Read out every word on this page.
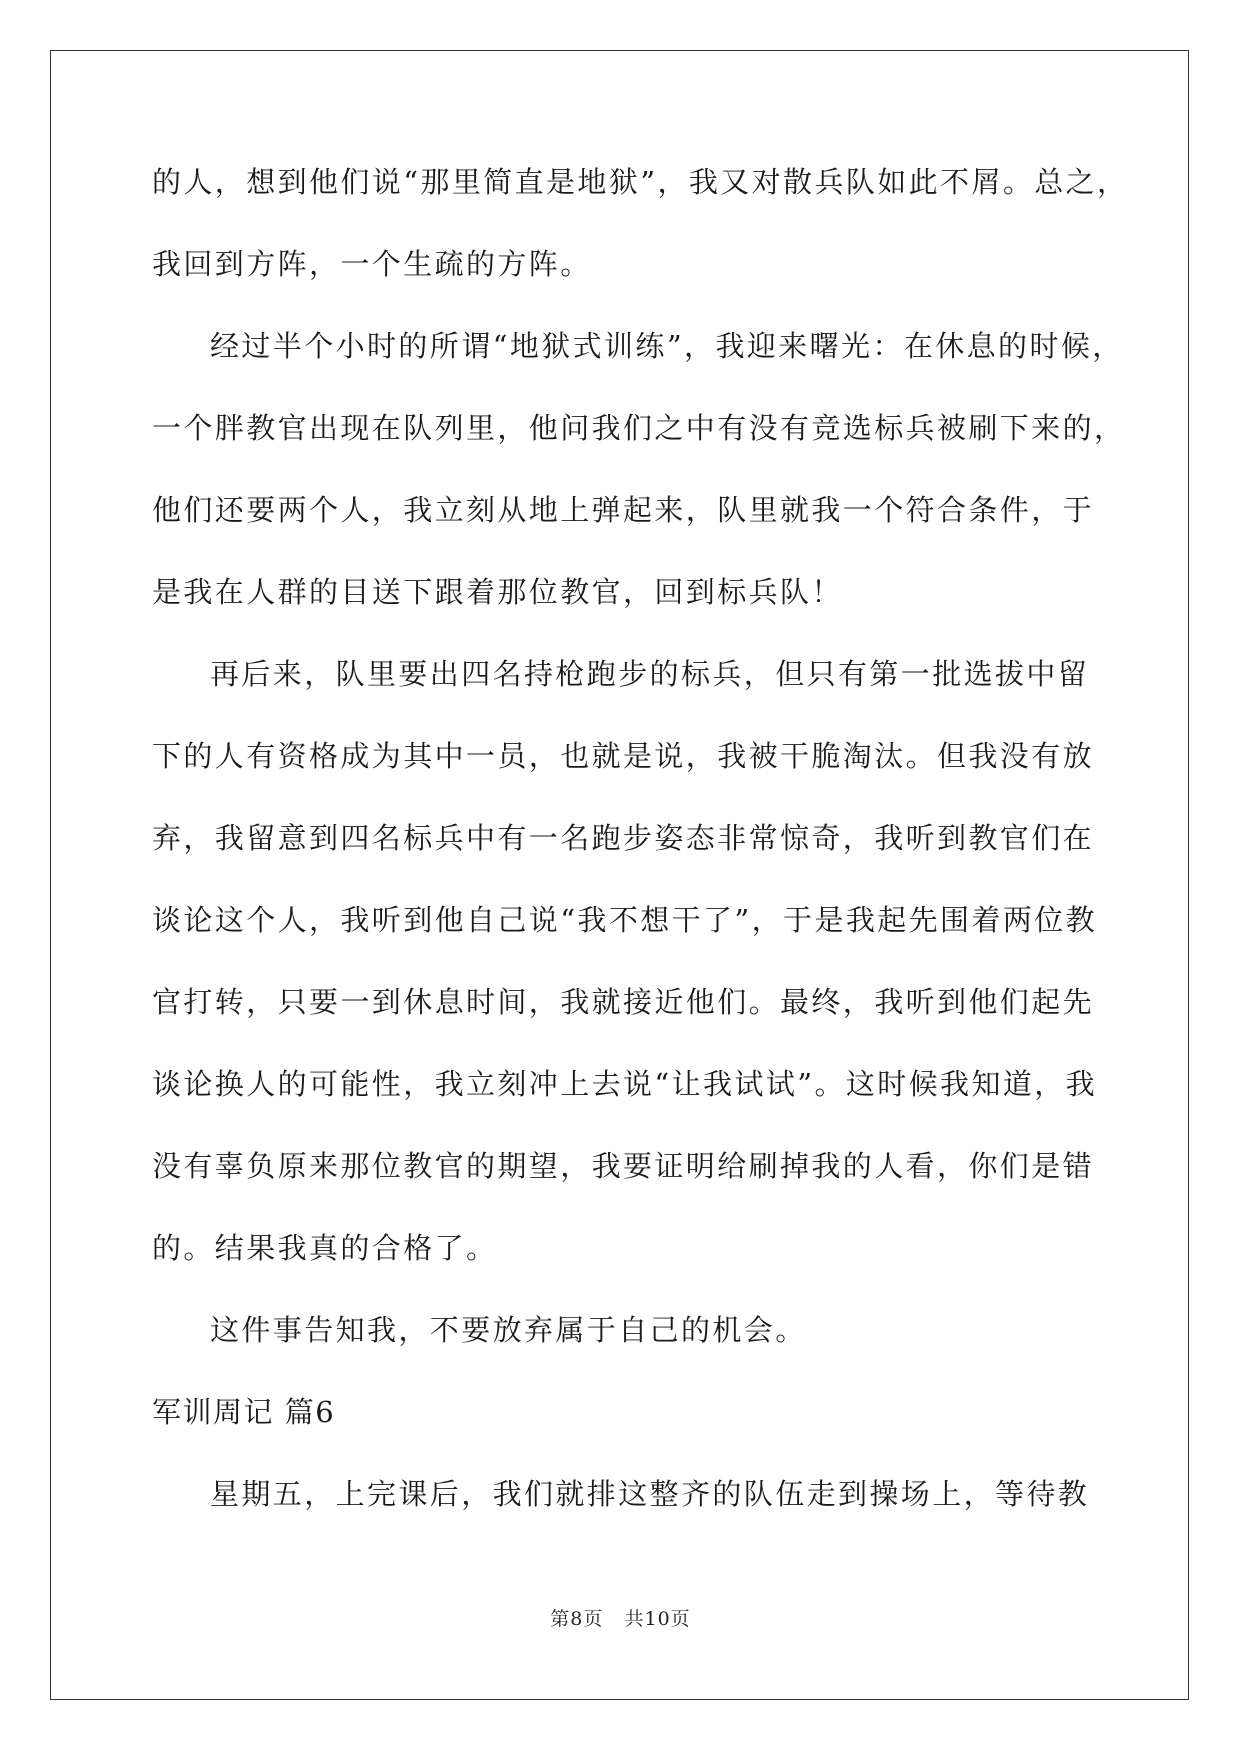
的人，想到他们说“那里简直是地狱”，我又对散兵队如此不屑。总之，
我回到方阵，一个生疏的方阵。
经过半个小时的所谓“地狱式训练”，我迎来曙光：在休息的时候，
一个胖教官出现在队列里，他问我们之中有没有竞选标兵被刷下来的，
他们还要两个人，我立刻从地上弹起来，队里就我一个符合条件，于
是我在人群的目送下跟着那位教官，回到标兵队！
再后来，队里要出四名持枪跑步的标兵，但只有第一批选拔中留
下的人有资格成为其中一员，也就是说，我被干脆淘汰。但我没有放
弃，我留意到四名标兵中有一名跑步姿态非常惊奇，我听到教官们在
谈论这个人，我听到他自己说“我不想干了”，于是我起先围着两位教
官打转，只要一到休息时间，我就接近他们。最终，我听到他们起先
谈论换人的可能性，我立刻冲上去说“让我试试”。这时候我知道，我
没有辜负原来那位教官的期望，我要证明给刷掉我的人看，你们是错
的。结果我真的合格了。
这件事告知我，不要放弃属于自己的机会。
军训周记 篇6
星期五，上完课后，我们就排这整齐的队伍走到操场上，等待教
第8页   共10页
